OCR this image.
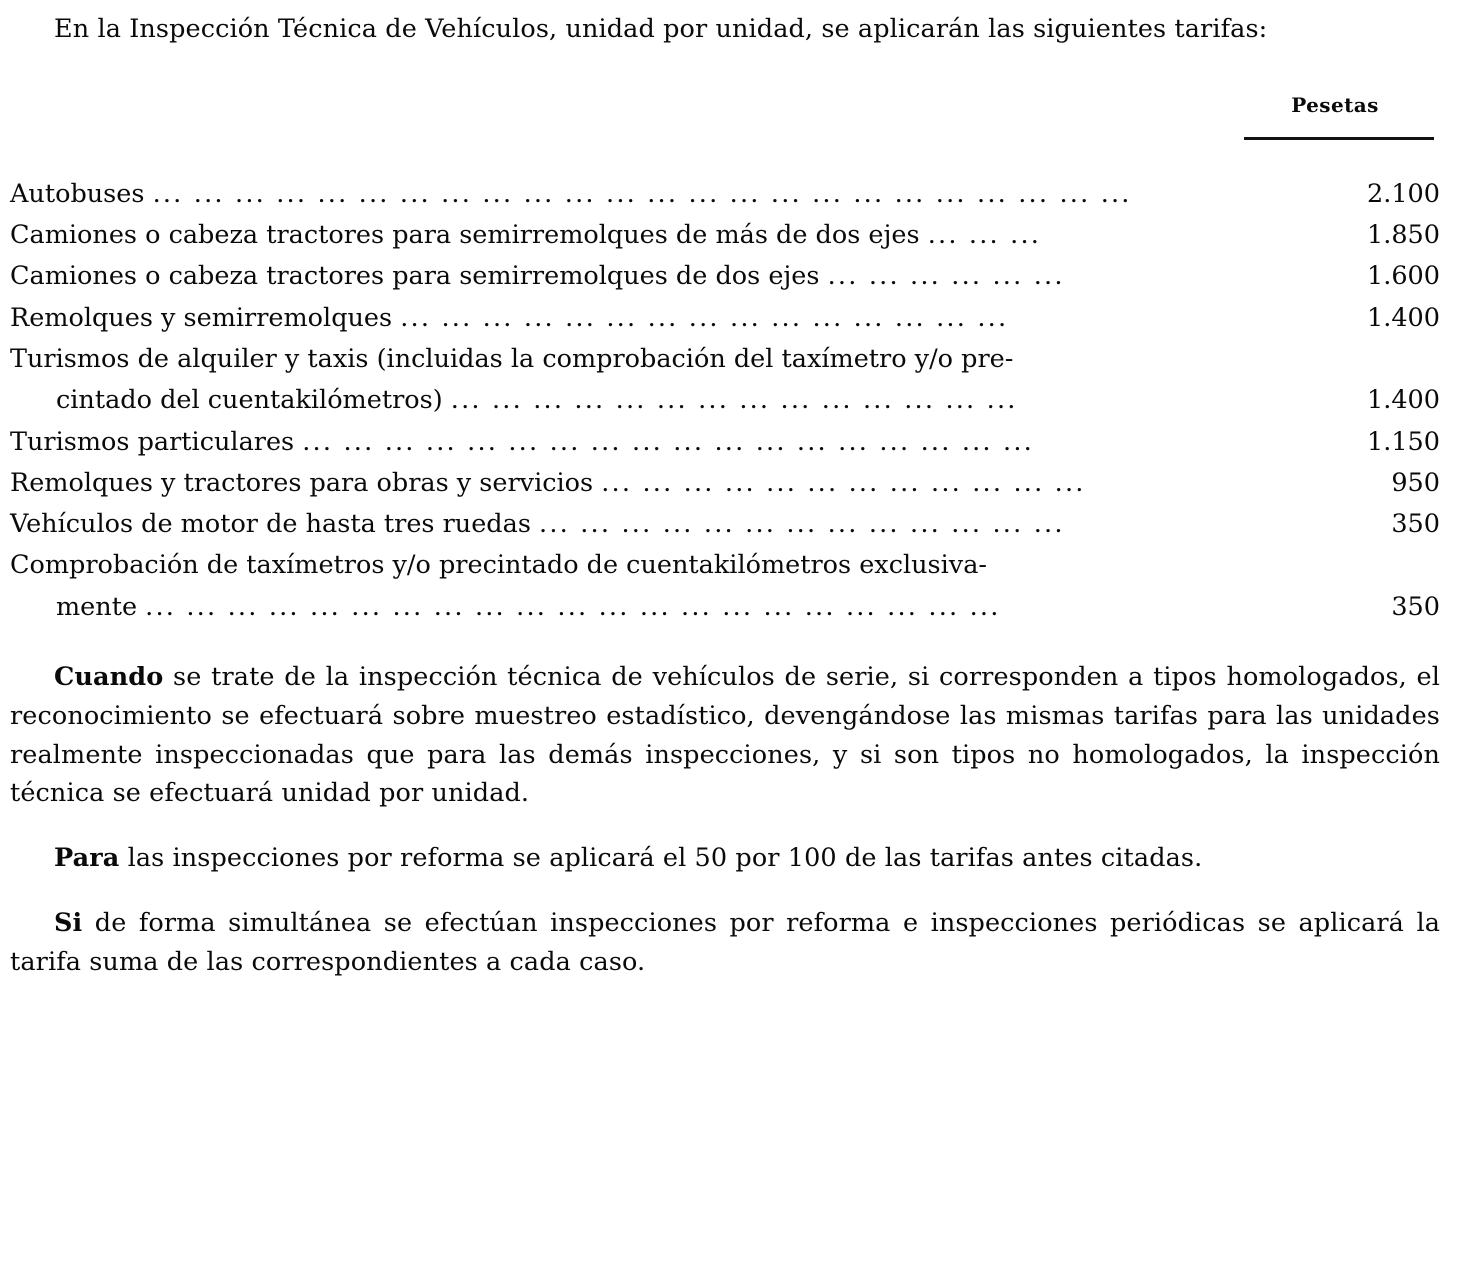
En la Inspección Técnica de Vehículos, unidad por unidad, se aplicarán las siguientes tarifas:

Pesetas
Autobuses ... ... ... ... ... ... ... ... ... ... ... ... ... ... ... ... ... ... ... ... ... ... ... ...	2.100
Camiones o cabeza tractores para semirremolques de más de dos ejes ... ... ...	1.850
Camiones o cabeza tractores para semirremolques de dos ejes ... ... ... ... ... ...	1.600
Remolques y semirremolques ... ... ... ... ... ... ... ... ... ... ... ... ... ... ...	1.400
Turismos de alquiler y taxis (incluidas la comprobación del taxímetro y/o pre-
cintado del cuentakilómetros) ... ... ... ... ... ... ... ... ... ... ... ... ... ...	1.400
Turismos particulares ... ... ... ... ... ... ... ... ... ... ... ... ... ... ... ... ... ...	1.150
Remolques y tractores para obras y servicios ... ... ... ... ... ... ... ... ... ... ... ...	950
Vehículos de motor de hasta tres ruedas ... ... ... ... ... ... ... ... ... ... ... ... ...	350
Comprobación de taxímetros y/o precintado de cuentakilómetros exclusiva-
mente ... ... ... ... ... ... ... ... ... ... ... ... ... ... ... ... ... ... ... ... ...	350

Cuando se trate de la inspección técnica de vehículos de serie, si corresponden a tipos homologados, el reconocimiento se efectuará sobre muestreo estadístico, devengándose las mismas tarifas para las unidades realmente inspeccionadas que para las demás inspecciones, y si son tipos no homologados, la inspección técnica se efectuará unidad por unidad.

Para las inspecciones por reforma se aplicará el 50 por 100 de las tarifas antes citadas.

Si de forma simultánea se efectúan inspecciones por reforma e inspecciones periódicas se aplicará la tarifa suma de las correspondientes a cada caso.
